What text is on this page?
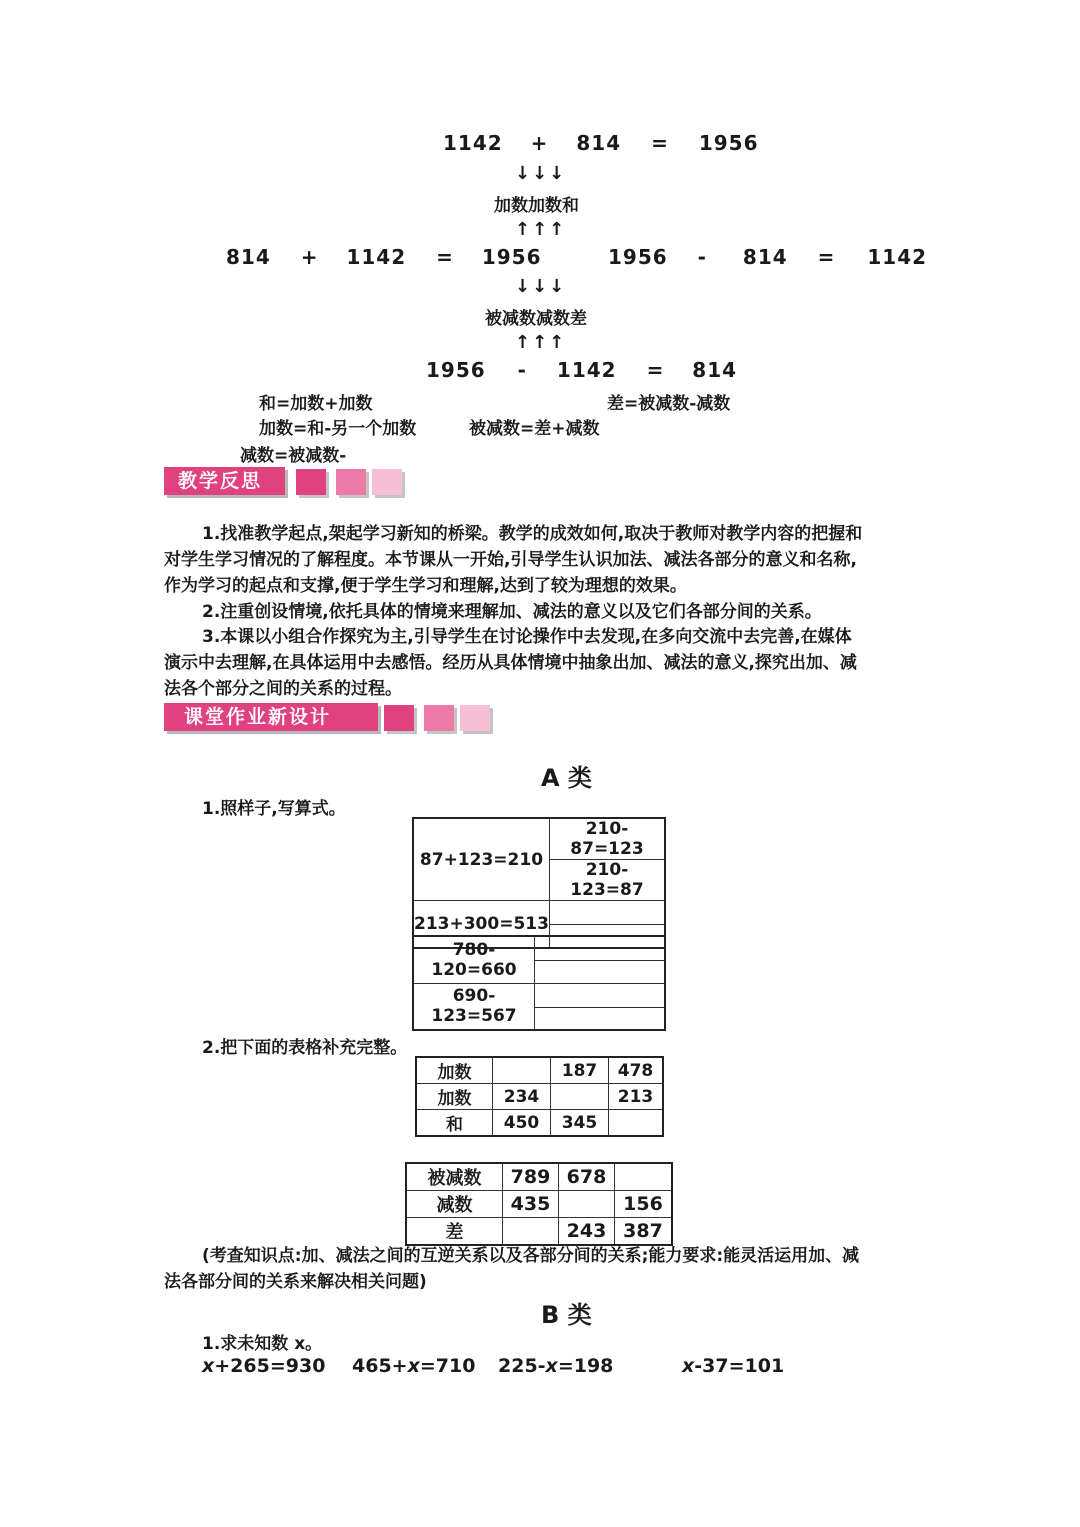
1142 + 814 = 1956
↓↓↓
加数加数和
↑↑↑
814 + 1142 = 1956	1956 - 814 = 1142
↓↓↓
被减数减数差
↑↑↑
1956 - 1142 = 814
和=加数+加数	差=被减数-减数
加数=和-另一个加数	被减数=差+减数
减数=被减数-
教学反思
1.找准教学起点,架起学习新知的桥梁。教学的成效如何,取决于教师对教学内容的把握和
对学生学习情况的了解程度。本节课从一开始,引导学生认识加法、减法各部分的意义和名称,
作为学习的起点和支撑,便于学生学习和理解,达到了较为理想的效果。
2.注重创设情境,依托具体的情境来理解加、减法的意义以及它们各部分间的关系。
3.本课以小组合作探究为主,引导学生在讨论操作中去发现,在多向交流中去完善,在媒体
演示中去理解,在具体运用中去感悟。经历从具体情境中抽象出加、减法的意义,探究出加、减
法各个部分之间的关系的过程。
课堂作业新设计
A 类
1.照样子,写算式。
87+123=210	210-87=123
	210-123=87
213+300=513	

780-120=660	

690-123=567	

2.把下面的表格补充完整。
加数		187	478
加数	234		213
和	450	345	
被减数	789	678	
减数	435		156
差		243	387
(考查知识点:加、减法之间的互逆关系以及各部分间的关系;能力要求:能灵活运用加、减
法各部分间的关系来解决相关问题)
B 类
1.求未知数 x。
x+265=930 465+x=710 225-x=198	x-37=101
